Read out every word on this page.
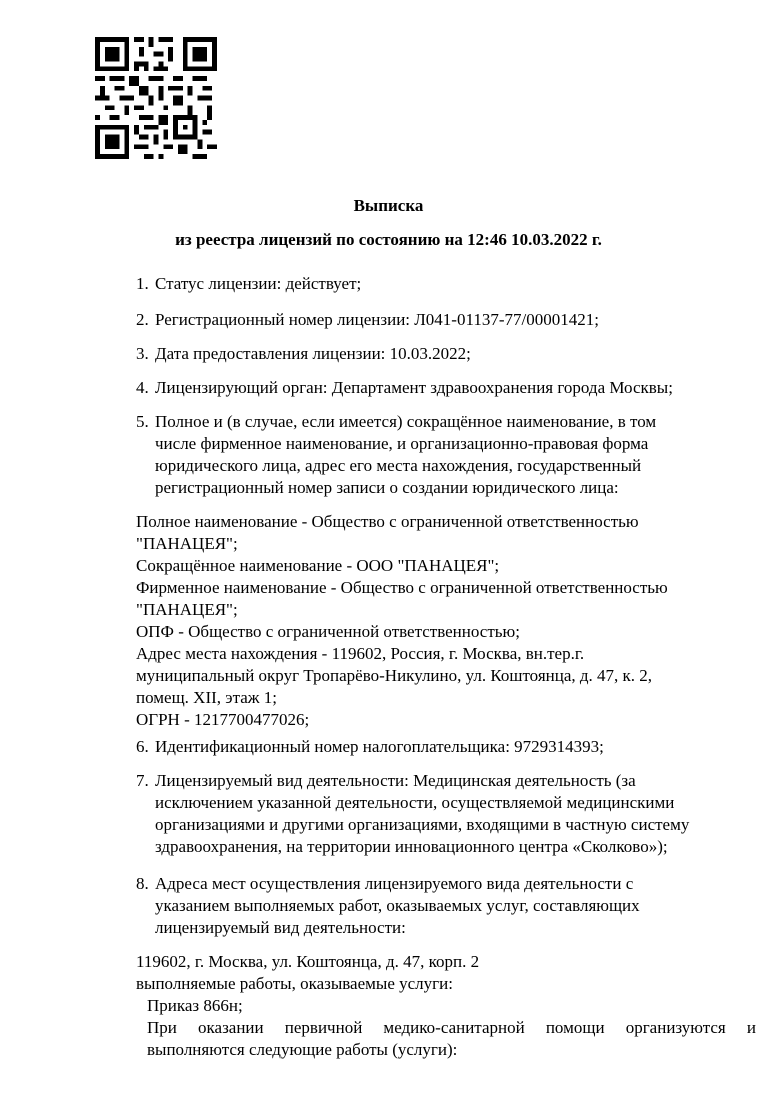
Выписка
из реестра лицензий по состоянию на 12:46 10.03.2022 г.
1. Статус лицензии: действует;
2. Регистрационный номер лицензии: Л041-01137-77/00001421;
3. Дата предоставления лицензии: 10.03.2022;
4. Лицензирующий орган: Департамент здравоохранения города Москвы;
5. Полное и (в случае, если имеется) сокращённое наименование, в том
числе фирменное наименование, и организационно-правовая форма
юридического лица, адрес его места нахождения, государственный
регистрационный номер записи о создании юридического лица:
Полное наименование - Общество с ограниченной ответственностью
"ПАНАЦЕЯ";
Сокращённое наименование - ООО "ПАНАЦЕЯ";
Фирменное наименование - Общество с ограниченной ответственностью
"ПАНАЦЕЯ";
ОПФ - Общество с ограниченной ответственностью;
Адрес места нахождения - 119602, Россия, г. Москва, вн.тер.г.
муниципальный округ Тропарёво-Никулино, ул. Коштоянца, д. 47, к. 2,
помещ. XII, этаж 1;
ОГРН - 1217700477026;
6. Идентификационный номер налогоплательщика: 9729314393;
7. Лицензируемый вид деятельности: Медицинская деятельность (за
исключением указанной деятельности, осуществляемой медицинскими
организациями и другими организациями, входящими в частную систему
здравоохранения, на территории инновационного центра «Сколково»);
8. Адреса мест осуществления лицензируемого вида деятельности с
указанием выполняемых работ, оказываемых услуг, составляющих
лицензируемый вид деятельности:
119602, г. Москва, ул. Коштоянца, д. 47, корп. 2
выполняемые работы, оказываемые услуги:
Приказ 866н;
При оказании первичной медико-санитарной помощи организуются и выполняются следующие работы (услуги):
